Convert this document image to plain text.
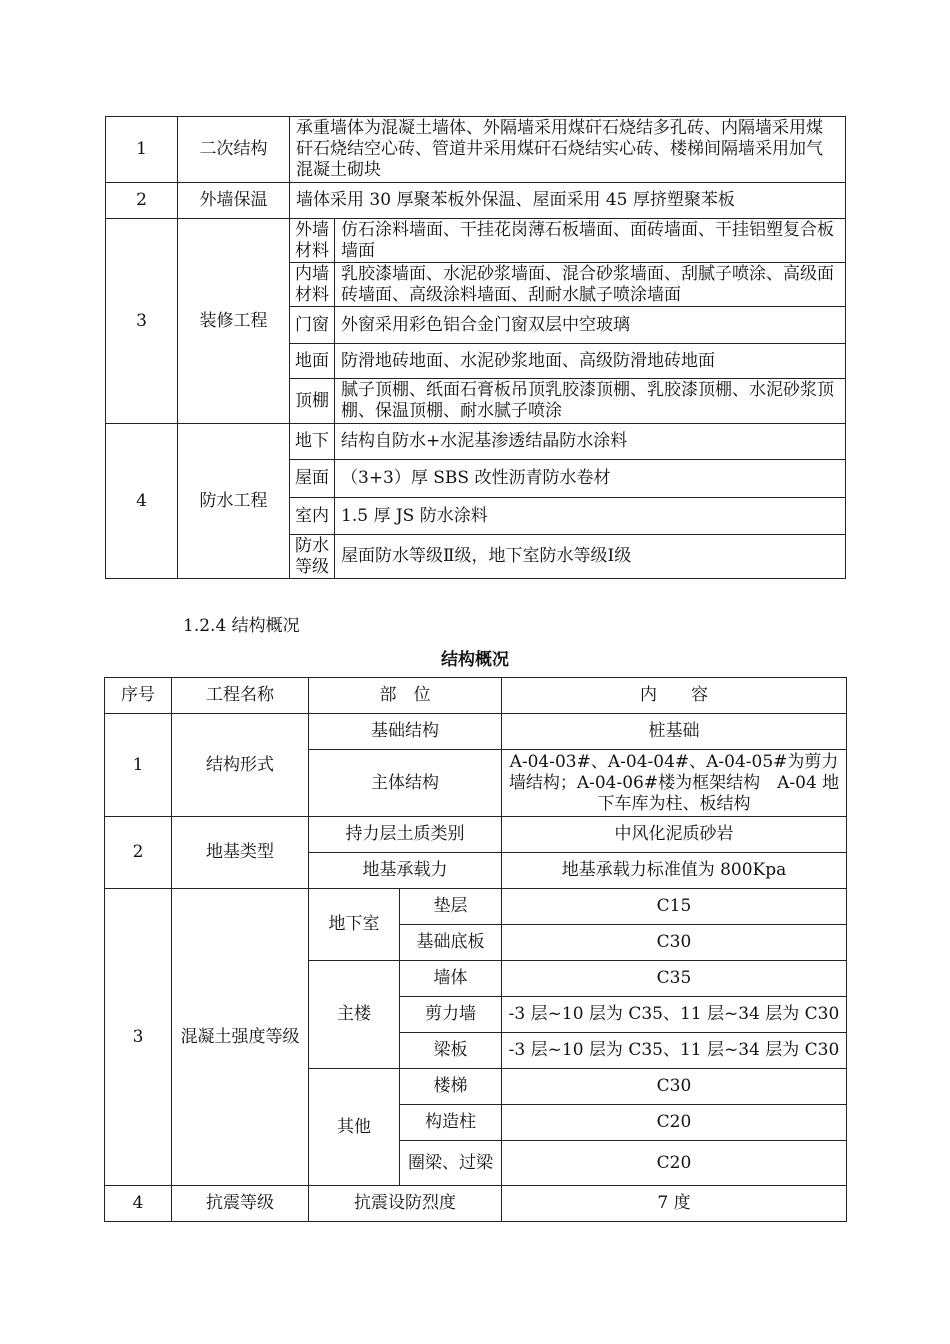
1	二次结构	承重墙体为混凝土墙体、外隔墙采用煤矸石烧结多孔砖、内隔墙采用煤矸石烧结空心砖、管道井采用煤矸石烧结实心砖、楼梯间隔墙采用加气混凝土砌块	
2	外墙保温	墙体采用 30 厚聚苯板外保温、屋面采用 45 厚挤塑聚苯板	
3	装修工程	外墙材料	仿石涂料墙面、干挂花岗薄石板墙面、面砖墙面、干挂铝塑复合板墙面
		内墙材料	乳胶漆墙面、水泥砂浆墙面、混合砂浆墙面、刮腻子喷涂、高级面砖墙面、高级涂料墙面、刮耐水腻子喷涂墙面
		门窗	外窗采用彩色铝合金门窗双层中空玻璃
		地面	防滑地砖地面、水泥砂浆地面、高级防滑地砖地面
		顶棚	腻子顶棚、纸面石膏板吊顶乳胶漆顶棚、乳胶漆顶棚、水泥砂浆顶棚、保温顶棚、耐水腻子喷涂
4	防水工程	地下	结构自防水+水泥基渗透结晶防水涂料
		屋面	（3+3）厚 SBS 改性沥青防水卷材
		室内	1.5 厚 JS 防水涂料
		防水等级	屋面防水等级Ⅱ级，地下室防水等级Ⅰ级
1.2.4 结构概况
结构概况
序号	工程名称	部　位		内　　容
1	结构形式	基础结构		桩基础
		主体结构		A-04-03#、A-04-04#、A-04-05#为剪力墙结构；A-04-06#楼为框架结构　A-04 地下车库为柱、板结构
2	地基类型	持力层土质类别		中风化泥质砂岩
		地基承载力		地基承载力标准值为 800Kpa
3	混凝土强度等级	地下室	垫层	C15
			基础底板	C30
		主楼	墙体	C35
			剪力墙	-3 层~10 层为 C35、11 层~34 层为 C30
			梁板	-3 层~10 层为 C35、11 层~34 层为 C30
		其他	楼梯	C30
			构造柱	C20
			圈梁、过梁	C20
4	抗震等级	抗震设防烈度		7 度
